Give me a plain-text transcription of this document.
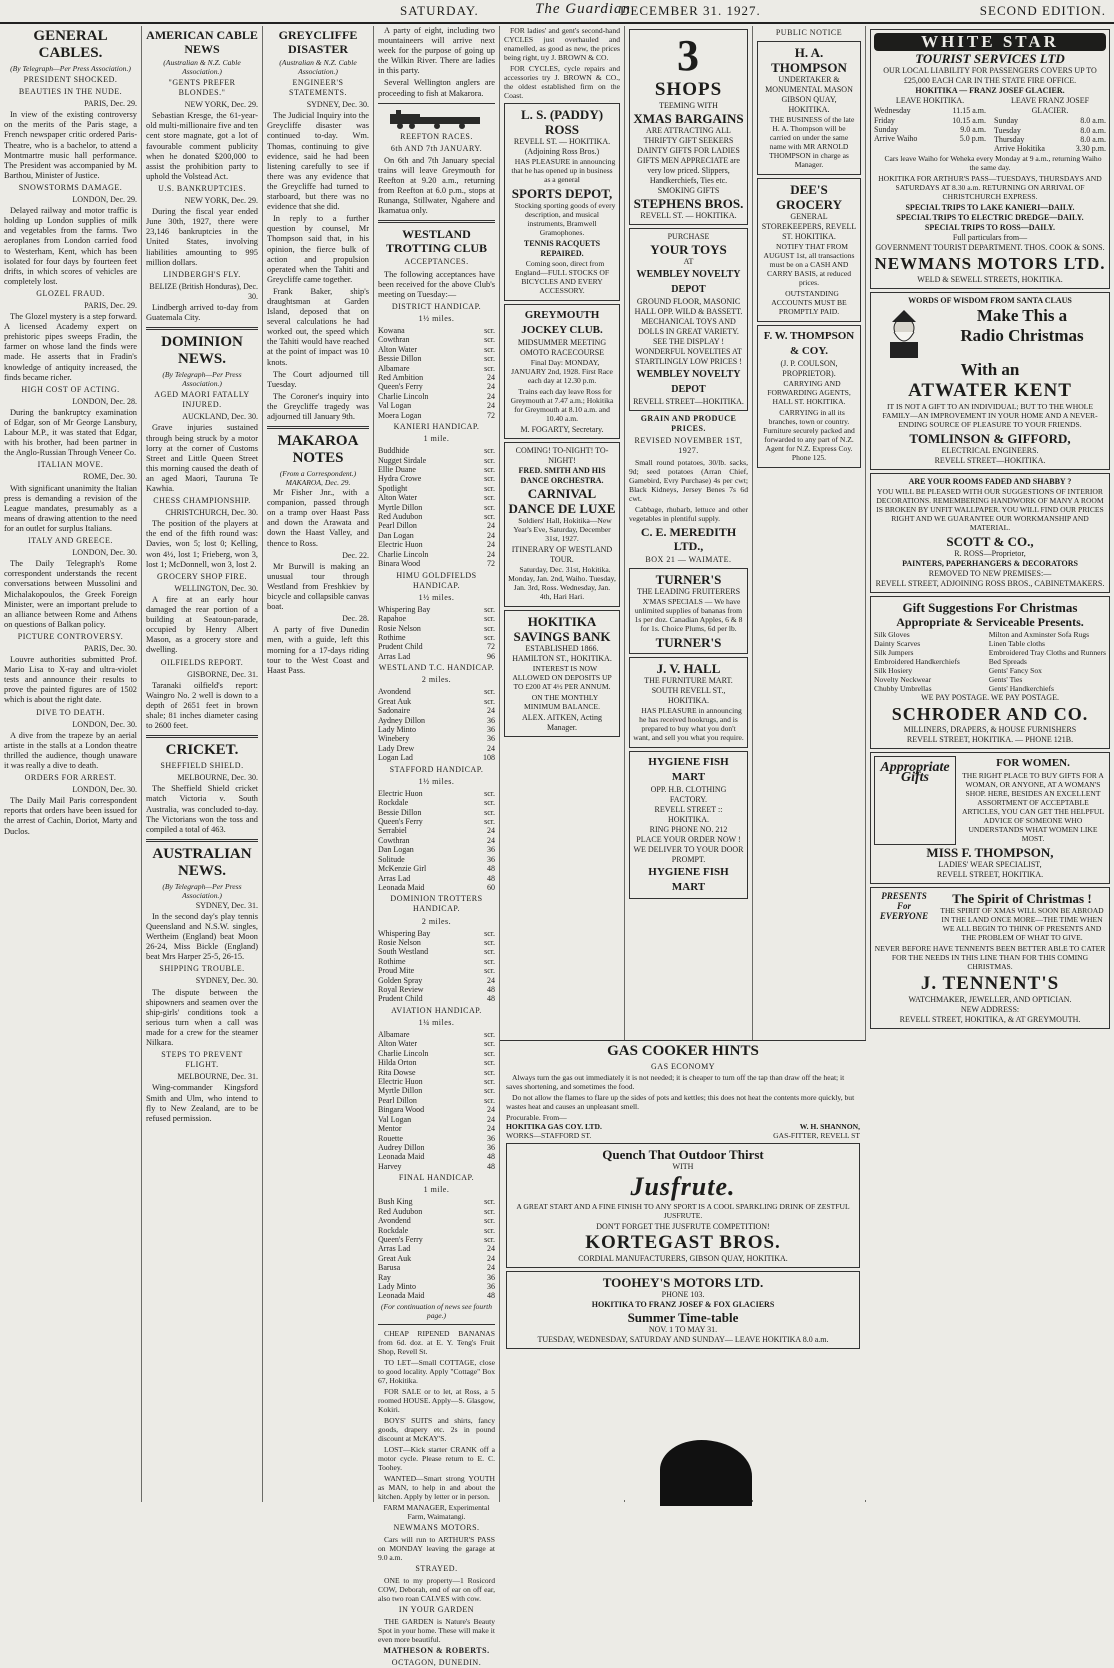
SATURDAY.	The Guardian
DECEMBER 31. 1927.	SECOND EDITION.
GENERAL CABLES.
(By Telegraph—Per Press Association.)
PRESIDENT SHOCKED.
BEAUTIES IN THE NUDE.
PARIS, Dec. 29.

In view of the existing controversy on the merits of the Paris stage, a French newspaper critic ordered Paris-Theatre, who is a bachelor, to attend a Montmartre music hall performance. The President was accompanied by M. Barthou, Minister of Justice.

SNOWSTORMS DAMAGE.
LONDON, Dec. 29.

Delayed railway and motor traffic is holding up London supplies of milk and vegetables from the farms. Two aeroplanes from London carried food to Westerham, Kent, which has been isolated for four days by fourteen feet drifts, in which scores of vehicles are completely lost.

GLOZEL FRAUD.
PARIS, Dec. 29.

The Glozel mystery is a step forward. A licensed Academy expert on prehistoric pipes sweeps Fradin, the farmer on whose land the finds were made. He asserts that in Fradin's knowledge of antiquity increased, the finds became richer.

HIGH COST OF ACTING.
LONDON, Dec. 28.

During the bankruptcy examination of Edgar, son of Mr George Lansbury, Labour M.P., it was stated that Edgar, with his brother, had been partner in the Anglo-Russian Through Veneer Co.

ITALIAN MOVE.
ROME, Dec. 30.

With significant unanimity the Italian press is demanding a revision of the League mandates, presumably as a means of drawing attention to the need for an outlet for surplus Italians.

ITALY AND GREECE.
LONDON, Dec. 30.

The Daily Telegraph's Rome correspondent understands the recent conversations between Mussolini and Michalakopoulos, the Greek Foreign Minister, were an important prelude to an alliance between Rome and Athens on questions of Balkan policy.

PICTURE CONTROVERSY.
PARIS, Dec. 30.

Louvre authorities submitted Prof. Mario Lisa to X-ray and ultra-violet tests and announce their results to prove the painted figures are of 1502 which is about the right date.

DIVE TO DEATH.
LONDON, Dec. 30.

A dive from the trapeze by an aerial artiste in the stalls at a London theatre thrilled the audience, though unaware it was really a dive to death.

ORDERS FOR ARREST.
LONDON, Dec. 30.

The Daily Mail Paris correspondent reports that orders have been issued for the arrest of Cachin, Doriot, Marty and Duclos.

AMERICAN CABLE NEWS
(Australian & N.Z. Cable Association.)
"GENTS PREFER BLONDES."
NEW YORK, Dec. 29.

Sebastian Kresge, the 61-year-old multi-millionaire five and ten cent store magnate, got a lot of favourable comment publicity when he donated $200,000 to assist the prohibition party to uphold the Volstead Act.

U.S. BANKRUPTCIES.
NEW YORK, Dec. 29.

During the fiscal year ended June 30th, 1927, there were 23,146 bankruptcies in the United States, involving liabilities amounting to 995 million dollars.

LINDBERGH'S FLY.
BELIZE (British Honduras), Dec. 30.

Lindbergh arrived to-day from Guatemala City.

DOMINION NEWS.
(By Telegraph—Per Press Association.)
AGED MAORI FATALLY INJURED.
AUCKLAND, Dec. 30.

Grave injuries sustained through being struck by a motor lorry at the corner of Customs Street and Little Queen Street this morning caused the death of an aged Maori, Tauruna Te Kawhia.

CHESS CHAMPIONSHIP.
CHRISTCHURCH, Dec. 30.

The position of the players at the end of the fifth round was: Davies, won 5; lost 0; Kelling, won 4½, lost 1; Frieberg, won 3, lost 1; McDonnell, won 3, lost 2.

GROCERY SHOP FIRE.
WELLINGTON, Dec. 30.

A fire at an early hour damaged the rear portion of a building at Seatoun-parade, occupied by Henry Albert Mason, as a grocery store and dwelling.

OILFIELDS REPORT.
GISBORNE, Dec. 31.

Taranaki oilfield's report: Waingro No. 2 well is down to a depth of 2651 feet in brown shale; 81 inches diameter casing to 2600 feet.

CRICKET.
SHEFFIELD SHIELD.
MELBOURNE, Dec. 30.

The Sheffield Shield cricket match Victoria v. South Australia, was concluded to-day. The Victorians won the toss and compiled a total of 463.

AUSTRALIAN NEWS.
(By Telegraph—Per Press Association.)
SYDNEY, Dec. 31.

In the second day's play tennis Queensland and N.S.W. singles, Wertheim (England) beat Moon 26-24, Miss Bickle (England) beat Mrs Harper 25-5, 26-15.

SHIPPING TROUBLE.
SYDNEY, Dec. 30.

The dispute between the shipowners and seamen over the ship-girls' conditions took a serious turn when a call was made for a crew for the steamer Nilkara.

STEPS TO PREVENT FLIGHT.
MELBOURNE, Dec. 31.

Wing-commander Kingsford Smith and Ulm, who intend to fly to New Zealand, are to be refused permission.

GREYCLIFFE DISASTER
(Australian & N.Z. Cable Association.)
ENGINEER'S STATEMENTS.
SYDNEY, Dec. 30.

The Judicial Inquiry into the Greycliffe disaster was continued to-day. Wm. Thomas, continuing to give evidence, said he had been listening carefully to see if there was any evidence that the Greycliffe had turned to starboard, but there was no evidence that she did.

In reply to a further question by counsel, Mr Thompson said that, in his opinion, the fierce bulk of action and propulsion operated when the Tahiti and Greycliffe came together.

Frank Baker, ship's draughtsman at Garden Island, deposed that on several calculations he had worked out, the speed which the Tahiti would have reached at the point of impact was 10 knots.

The Court adjourned till Tuesday.

The Coroner's inquiry into the Greycliffe tragedy was adjourned till January 9th.

MAKAROA NOTES
(From a Correspondent.) MAKAROA, Dec. 29.

Mr Fisher Jnr., with a companion, passed through on a tramp over Haast Pass and down the Arawata and down the Haast Valley, and thence to Ross.

Dec. 22.

Mr Burwill is making an unusual tour through Westland from Freshkiev by bicycle and collapsible canvas boat.

Dec. 28.

A party of five Dunedin men, with a guide, left this morning for a 17-days riding tour to the West Coast and Haast Pass.

A party of eight, including two mountaineers will arrive next week for the purpose of going up the Wilkin River. There are ladies in this party.

Several Wellington anglers are proceeding to fish at Makarora.

REEFTON RACES.
6th AND 7th JANUARY.

On 6th and 7th January special trains will leave Greymouth for Reefton at 9.20 a.m., returning from Reefton at 6.0 p.m., stops at Runanga, Stillwater, Ngahere and Ikamatua only.

WESTLAND TROTTING CLUB
ACCEPTANCES.

The following acceptances have been received for the above Club's meeting on Tuesday:—

DISTRICT HANDICAP.
1½ miles.
Kowana	scr.
Cowthran	scr.
Alton Water	scr.
Bessie Dillon	scr.
Albamare	scr.
Red Ambition	24
Queen's Ferry	24
Charlie Lincoln	24
Val Logan	24
Moera Logan	72
KANIERI HANDICAP.
1 mile.
Buddhide	scr.
Nugget Sirdale	scr.
Ellie Duane	scr.
Hydra Crowe	scr.
Spotlight	scr.
Alton Water	scr.
Myrtle Dillon	scr.
Red Audubon	scr.
Pearl Dillon	24
Dan Logan	24
Electric Huon	24
Charlie Lincoln	24
Binara Wood	72
HIMU GOLDFIELDS HANDICAP.
1½ miles.
Whispering Bay	scr.
Rapahoe	scr.
Rosie Nelson	scr.
Rothime	scr.
Prudent Child	72
Arras Lad	96
WESTLAND T.C. HANDICAP.
2 miles.
Avondend	scr.
Great Auk	scr.
Sadonaire	24
Aydney Dillon	36
Lady Minto	36
Winebery	36
Lady Drew	24
Logan Lad	108
STAFFORD HANDICAP.
1½ miles.
Electric Huon	scr.
Rockdale	scr.
Bessie Dillon	scr.
Queen's Ferry	scr.
Serrabiel	24
Cowthran	24
Dan Logan	36
Solitude	36
McKenzie Girl	48
Arras Lad	48
Leonada Maid	60
DOMINION TROTTERS HANDICAP.
2 miles.
Whispering Bay	scr.
Rosie Nelson	scr.
South Westland	scr.
Rothime	scr.
Proud Mite	scr.
Golden Spray	24
Royal Review	48
Prudent Child	48
AVIATION HANDICAP.
1¼ miles.
Albamare	scr.
Alton Water	scr.
Charlie Lincoln	scr.
Hilda Orton	scr.
Rita Dowse	scr.
Electric Huon	scr.
Myrtle Dillon	scr.
Pearl Dillon	scr.
Bingara Wood	24
Val Logan	24
Mentor	24
Rouette	36
Audrey Dillon	36
Leonada Maid	48
Harvey	48
FINAL HANDICAP.
1 mile.
Bush King	scr.
Red Audubon	scr.
Avondend	scr.
Rockdale	scr.
Queen's Ferry	scr.
Arras Lad	24
Great Auk	24
Barusa	24
Ray	36
Lady Minto	36
Leonada Maid	48
(For continuation of news see fourth page.)

CHEAP RIPENED BANANAS from 6d. doz. at E. Y. Teng's Fruit Shop, Revell St.

TO LET—Small COTTAGE, close to good locality. Apply "Cottage" Box 67, Hokitika.

FOR SALE or to let, at Ross, a 5 roomed HOUSE. Apply—S. Glasgow, Kokiri.

BOYS' SUITS and shirts, fancy goods, drapery etc. 2s in pound discount at McKAY'S.

LOST—Kick starter CRANK off a motor cycle. Please return to E. C. Toohey.

WANTED—Smart strong YOUTH as MAN, to help in and about the kitchen. Apply by letter or in person.

FARM MANAGER, Experimental Farm, Waimatangi.

NEWMANS MOTORS.

Cars will run to ARTHUR'S PASS on MONDAY leaving the garage at 9.0 a.m.

STRAYED.

ONE to my property—1 Rosicord COW, Deborah, end of ear on off ear, also two roan CALVES with cow.

IN YOUR GARDEN

THE GARDEN is Nature's Beauty Spot in your home. These will make it even more beautiful.

MATHESON & ROBERTS.
OCTAGON, DUNEDIN.

FOR ladies' and gent's second-hand CYCLES just overhauled and enamelled, as good as new, the prices being right, try J. BROWN & CO.

FOR CYCLES, cycle repairs and accessories try J. BROWN & CO., the oldest established firm on the Coast.

L. S. (PADDY) ROSS
REVELL ST. — HOKITIKA.
(Adjoining Ross Bros.)

HAS PLEASURE in announcing that he has opened up in business as a general

SPORTS DEPOT,

Stocking sporting goods of every description, and musical instruments, Bramwell Gramophones.

TENNIS RACQUETS REPAIRED.

Coming soon, direct from England—FULL STOCKS OF BICYCLES AND EVERY ACCESSORY.

GREYMOUTH JOCKEY CLUB.
MIDSUMMER MEETING
OMOTO RACECOURSE

Final Day: MONDAY, JANUARY 2nd, 1928. First Race each day at 12.30 p.m.

Trains each day leave Ross for Greymouth at 7.47 a.m.; Hokitika for Greymouth at 8.10 a.m. and 10.40 a.m.

M. FOGARTY, Secretary.
COMING! TO-NIGHT! TO-NIGHT!
FRED. SMITH AND HIS DANCE ORCHESTRA.
CARNIVAL DANCE DE LUXE

Soldiers' Hall, Hokitika—New Year's Eve, Saturday, December 31st, 1927.

ITINERARY OF WESTLAND TOUR.

Saturday, Dec. 31st, Hokitika. Monday, Jan. 2nd, Waiho. Tuesday, Jan. 3rd, Ross. Wednesday, Jan. 4th, Hari Hari.

HOKITIKA SAVINGS BANK
ESTABLISHED 1866.
HAMILTON ST., HOKITIKA.

INTEREST IS NOW ALLOWED ON DEPOSITS UP TO £200 AT 4½ PER ANNUM.

ON THE MONTHLY MINIMUM BALANCE.

ALEX. AITKEN, Acting Manager.
3
SHOPS
TEEMING WITH
XMAS BARGAINS
ARE ATTRACTING ALL THRIFTY GIFT SEEKERS
DAINTY GIFTS FOR LADIES
GIFTS MEN APPRECIATE are very low priced. Slippers, Handkerchiefs, Ties etc.
SMOKING GIFTS
STEPHENS BROS.
REVELL ST. — HOKITIKA.
PURCHASE
YOUR TOYS
AT
WEMBLEY NOVELTY DEPOT
GROUND FLOOR, MASONIC HALL OPP. WILD & BASSETT.
MECHANICAL TOYS AND DOLLS IN GREAT VARIETY.
SEE THE DISPLAY !
WONDERFUL NOVELTIES AT STARTLINGLY LOW PRICES !
WEMBLEY NOVELTY DEPOT
REVELL STREET—HOKITIKA.
GRAIN AND PRODUCE PRICES.
REVISED NOVEMBER 1ST, 1927.

Small round potatoes, 30/lb. sacks, 9d; seed potatoes (Arran Chief, Gamebird, Evry Purchase) 4s per cwt; Black Kidneys, Jersey Benes 7s 6d cwt.

Cabbage, rhubarb, lettuce and other vegetables in plentiful supply.

C. E. MEREDITH LTD.,
BOX 21 — WAIMATE.
TURNER'S
THE LEADING FRUITERERS

X'MAS SPECIALS — We have unlimited supplies of bananas from 1s per doz. Canadian Apples, 6 & 8 for 1s. Choice Plums, 6d per lb.

TURNER'S
J. V. HALL
THE FURNITURE MART.
SOUTH REVELL ST., HOKITIKA.

HAS PLEASURE in announcing he has received hookrugs, and is prepared to buy what you don't want, and sell you what you require.

HYGIENE FISH MART
OPP. H.B. CLOTHING FACTORY.
REVELL STREET :: HOKITIKA.
RING PHONE NO. 212
PLACE YOUR ORDER NOW !
WE DELIVER TO YOUR DOOR
PROMPT.
HYGIENE FISH MART
PUBLIC NOTICE
H. A. THOMPSON
UNDERTAKER & MONUMENTAL MASON
GIBSON QUAY, HOKITIKA.

THE BUSINESS of the late H. A. Thompson will be carried on under the same name with MR ARNOLD THOMPSON in charge as Manager.

DEE'S GROCERY
GENERAL STOREKEEPERS, REVELL ST. HOKITIKA.

NOTIFY THAT FROM AUGUST 1st, all transactions must be on a CASH AND CARRY BASIS, at reduced prices.

OUTSTANDING ACCOUNTS MUST BE PROMPTLY PAID.

F. W. THOMPSON & COY.
(J. P. COULSON, PROPRIETOR).

CARRYING AND FORWARDING AGENTS, HALL ST. HOKITIKA.

CARRYING in all its branches, town or country. Furniture securely packed and forwarded to any part of N.Z. Agent for N.Z. Express Coy. Phone 125.

GAS COOKER HINTS
GAS ECONOMY

Always turn the gas out immediately it is not needed; it is cheaper to turn off the tap than draw off the heat; it saves shortening, and sometimes the food.

Do not allow the flames to flare up the sides of pots and kettles; this does not heat the contents more quickly, but wastes heat and causes an unpleasant smell.

Procurable. From—
HOKITIKA GAS COY. LTD.
WORKS—STAFFORD ST.
W. H. SHANNON,
GAS-FITTER, REVELL ST
Quench That Outdoor Thirst
WITH
Jusfrute.

A GREAT START AND A FINE FINISH TO ANY SPORT IS A COOL SPARKLING DRINK OF ZESTFUL JUSFRUTE.

DON'T FORGET THE JUSFRUTE COMPETITION!
KORTEGAST BROS.
CORDIAL MANUFACTURERS, GIBSON QUAY, HOKITIKA.
TOOHEY'S MOTORS LTD.
PHONE 103.
HOKITIKA TO FRANZ JOSEF & FOX GLACIERS
Summer Time-table
NOV. 1 TO MAY 31.
TUESDAY, WEDNESDAY, SATURDAY AND SUNDAY— LEAVE HOKITIKA 8.0 a.m.
WHITE STAR
TOURIST SERVICES LTD
OUR LOCAL LIABILITY FOR PASSENGERS COVERS UP TO £25,000 EACH CAR IN THE STATE FIRE OFFICE.
HOKITIKA — FRANZ JOSEF GLACIER.
LEAVE HOKITIKA.
Wednesday	11.15 a.m.
Friday	10.15 a.m.
Sunday	9.0 a.m.
Arrive Waiho	5.0 p.m.
LEAVE FRANZ JOSEF GLACIER.
Sunday	8.0 a.m.
Tuesday	8.0 a.m.
Thursday	8.0 a.m.
Arrive Hokitika	3.30 p.m.

Cars leave Waiho for Weheka every Monday at 9 a.m., returning Waiho the same day.

HOKITIKA FOR ARTHUR'S PASS—TUESDAYS, THURSDAYS AND SATURDAYS AT 8.30 a.m. RETURNING ON ARRIVAL OF CHRISTCHURCH EXPRESS.

SPECIAL TRIPS TO LAKE KANIERI—DAILY.
SPECIAL TRIPS TO ELECTRIC DREDGE—DAILY.
SPECIAL TRIPS TO ROSS—DAILY.
Full particulars from—
GOVERNMENT TOURIST DEPARTMENT. THOS. COOK & SONS.
NEWMANS MOTORS LTD.
WELD & SEWELL STREETS, HOKITIKA.
WORDS OF WISDOM FROM SANTA CLAUS
Make This a
Radio Christmas
With an
ATWATER KENT

IT IS NOT A GIFT TO AN INDIVIDUAL; BUT TO THE WHOLE FAMILY—AN IMPROVEMENT IN YOUR HOME AND A NEVER-ENDING SOURCE OF PLEASURE TO YOUR FRIENDS.

TOMLINSON & GIFFORD,
ELECTRICAL ENGINEERS.
REVELL STREET—HOKITIKA.
ARE YOUR ROOMS FADED AND SHABBY ?

YOU WILL BE PLEASED WITH OUR SUGGESTIONS OF INTERIOR DECORATIONS. REMEMBERING HANDWORK OF MANY A ROOM IS BROKEN BY UNFIT WALLPAPER. YOU WILL FIND OUR PRICES RIGHT AND WE GUARANTEE OUR WORKMANSHIP AND MATERIAL.

SCOTT & CO.,
R. ROSS—Proprietor,
PAINTERS, PAPERHANGERS & DECORATORS
REMOVED TO NEW PREMISES:—
REVELL STREET, ADJOINING ROSS BROS., CABINETMAKERS.
Gift Suggestions For Christmas
Appropriate & Serviceable Presents.
Silk Gloves
Dainty Scarves
Silk Jumpers
Embroidered Handkerchiefs
Silk Hosiery
Novelty Neckwear
Chubby Umbrellas
Milton and Axminster Sofa Rugs
Linen Table cloths
Embroidered Tray Cloths and Runners
Bed Spreads
Gents' Fancy Sox
Gents' Ties
Gents' Handkerchiefs
WE PAY POSTAGE. WE PAY POSTAGE.
SCHRODER AND CO.
MILLINERS, DRAPERS, & HOUSE FURNISHERS
REVELL STREET, HOKITIKA. — PHONE 121B.
Appropriate Gifts
FOR WOMEN.

THE RIGHT PLACE TO BUY GIFTS FOR A WOMAN, OR ANYONE, AT A WOMAN'S SHOP. HERE, BESIDES AN EXCELLENT ASSORTMENT OF ACCEPTABLE ARTICLES, YOU CAN GET THE HELPFUL ADVICE OF SOMEONE WHO UNDERSTANDS WHAT WOMEN LIKE MOST.

MISS F. THOMPSON,
LADIES' WEAR SPECIALIST,
REVELL STREET, HOKITIKA.
PRESENTS For EVERYONE
The Spirit of Christmas !

THE SPIRIT OF XMAS WILL SOON BE ABROAD IN THE LAND ONCE MORE—THE TIME WHEN WE ALL BEGIN TO THINK OF PRESENTS AND THE PROBLEM OF WHAT TO GIVE.

NEVER BEFORE HAVE TENNENTS BEEN BETTER ABLE TO CATER FOR THE NEEDS IN THIS LINE THAN FOR THIS COMING CHRISTMAS.

J. TENNENT'S
WATCHMAKER, JEWELLER, AND OPTICIAN.
NEW ADDRESS:
REVELL STREET, HOKITIKA, & AT GREYMOUTH.
